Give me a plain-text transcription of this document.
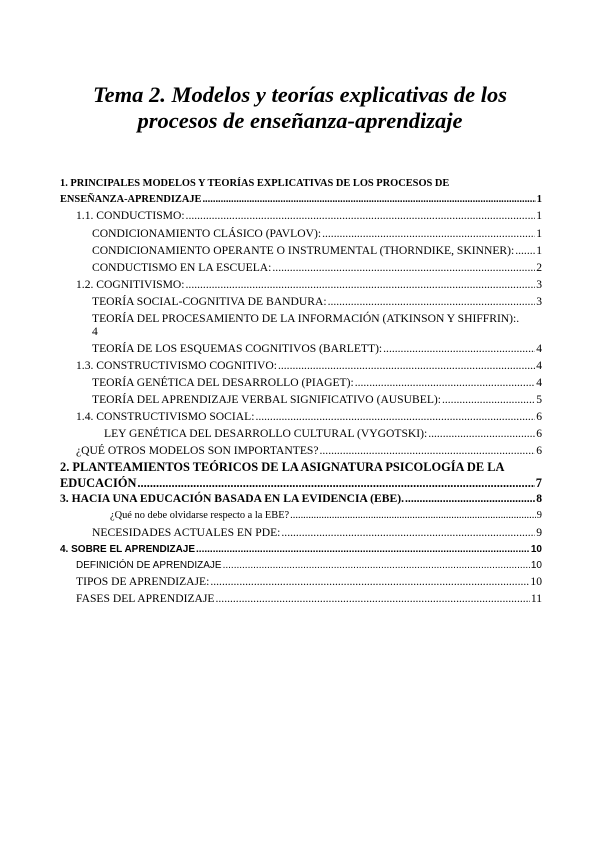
Tema 2. Modelos y teorías explicativas de los
procesos de enseñanza-aprendizaje
1. PRINCIPALES MODELOS Y TEORÍAS EXPLICATIVAS DE LOS PROCESOS DE
ENSEÑANZA-APRENDIZAJE .....	1
1.1. CONDUCTISMO: .....	1
CONDICIONAMIENTO CLÁSICO (PAVLOV): .....	1
CONDICIONAMIENTO OPERANTE O INSTRUMENTAL (THORNDIKE, SKINNER): ..... 1
CONDUCTISMO EN LA ESCUELA: .....	2
1.2. COGNITIVISMO: .....	3
TEORÍA SOCIAL-COGNITIVA DE BANDURA: .....	3
TEORÍA DEL PROCESAMIENTO DE LA INFORMACIÓN (ATKINSON Y SHIFFRIN):.
4
TEORÍA DE LOS ESQUEMAS COGNITIVOS (BARLETT): .....	4
1.3. CONSTRUCTIVISMO COGNITIVO: .....	4
TEORÍA GENÉTICA DEL DESARROLLO (PIAGET): .....	4
TEORÍA DEL APRENDIZAJE VERBAL SIGNIFICATIVO (AUSUBEL): .....	5
1.4. CONSTRUCTIVISMO SOCIAL: .....	6
LEY GENÉTICA DEL DESARROLLO CULTURAL (VYGOTSKI): .....	6
¿QUÉ OTROS MODELOS SON IMPORTANTES? .....	6
2. PLANTEAMIENTOS TEÓRICOS DE LA ASIGNATURA PSICOLOGÍA DE LA
EDUCACIÓN .....	7
3. HACIA UNA EDUCACIÓN BASADA EN LA EVIDENCIA (EBE). .....	8
¿Qué no debe olvidarse respecto a la EBE? .....	9
NECESIDADES ACTUALES EN PDE: .....	9
4. SOBRE EL APRENDIZAJE .....	10
DEFINICIÓN DE APRENDIZAJE .....	10
TIPOS DE APRENDIZAJE: .....	10
FASES DEL APRENDIZAJE .....	11
